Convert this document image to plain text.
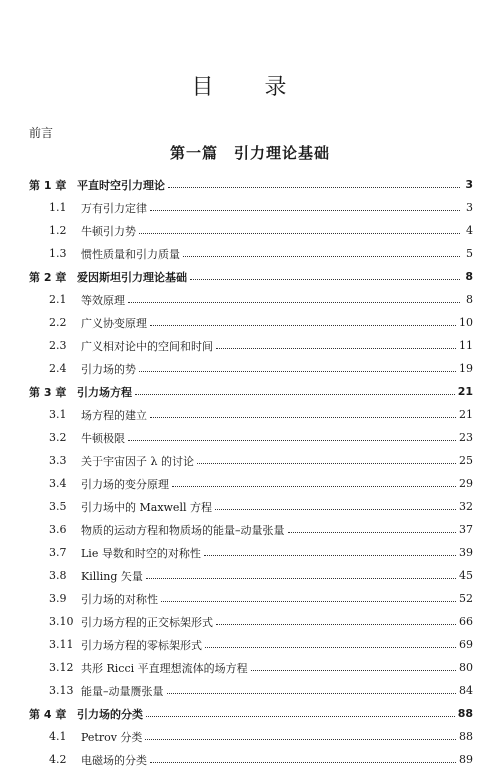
目 录
前言
第一篇　引力理论基础
第 1 章 平直时空引力理论	3
1.1	万有引力定律	3
1.2	牛顿引力势	4
1.3	惯性质量和引力质量	5
第 2 章 爱因斯坦引力理论基础	8
2.1	等效原理	8
2.2	广义协变原理	10
2.3	广义相对论中的空间和时间	11
2.4	引力场的势	19
第 3 章 引力场方程	21
3.1	场方程的建立	21
3.2	牛顿极限	23
3.3	关于宇宙因子 λ 的讨论	25
3.4	引力场的变分原理	29
3.5	引力场中的 Maxwell 方程	32
3.6	物质的运动方程和物质场的能量–动量张量	37
3.7	Lie 导数和时空的对称性	39
3.8	Killing 矢量	45
3.9	引力场的对称性	52
3.10 引力场方程的正交标架形式	66
3.11 引力场方程的零标架形式	69
3.12 共形 Ricci 平直理想流体的场方程	80
3.13 能量–动量赝张量	84
第 4 章 引力场的分类	88
4.1	Petrov 分类	88
4.2	电磁场的分类	89
